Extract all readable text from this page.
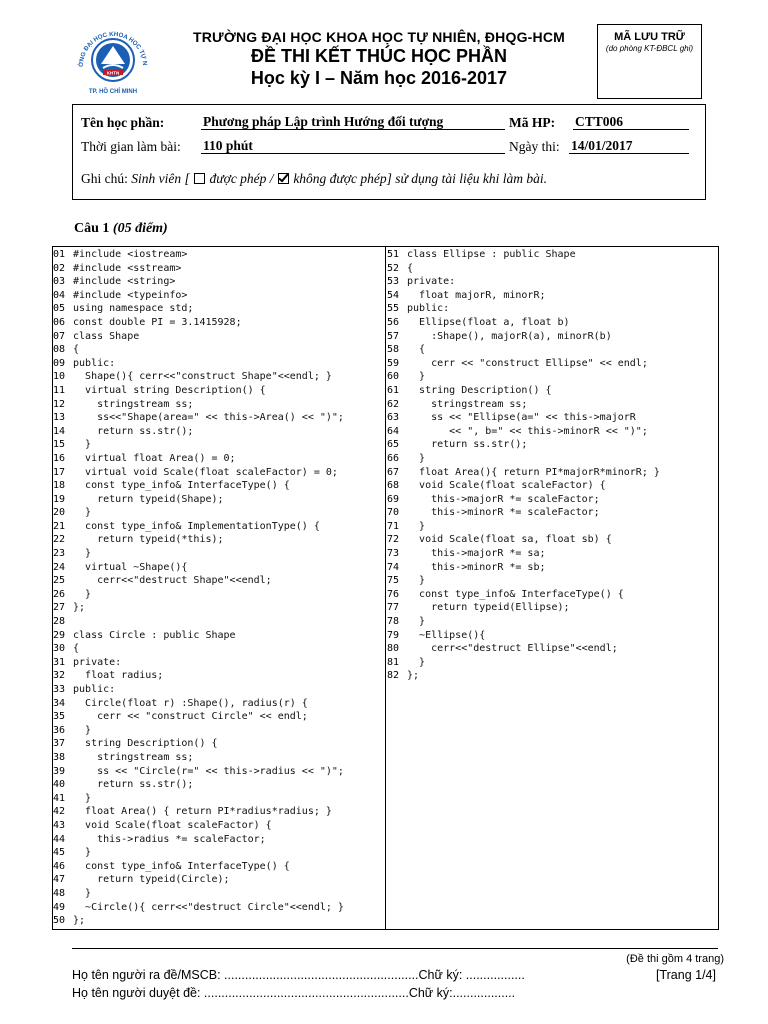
KHTN
ỜNG ĐẠI HỌC KHOA HỌC TỰ N
TP. HỒ CHÍ MINH
TRƯỜNG ĐẠI HỌC KHOA HỌC TỰ NHIÊN, ĐHQG-HCM
ĐỀ THI KẾT THÚC HỌC PHẦN
Học kỳ I – Năm học 2016-2017
MÃ LƯU TRỮ
(do phòng KT-ĐBCL ghi)
Tên học phần:	Phương pháp Lập trình Hướng đối tượng	Mã HP: CTT006
Thời gian làm bài: 110 phút	Ngày thi: 14/01/2017
Ghi chú: Sinh viên [ được phép / không được phép] sử dụng tài liệu khi làm bài.
Câu 1 (05 điểm)
01 #include <iostream>
02 #include <sstream>
03 #include <string>
04 #include <typeinfo>
05 using namespace std;
06 const double PI = 3.1415928;
07 class Shape
08 {
09 public:
10   Shape(){ cerr<<"construct Shape"<<endl; }
11   virtual string Description() {
12     stringstream ss;
13     ss<<"Shape(area=" << this->Area() << ")";
14     return ss.str();
15   }
16   virtual float Area() = 0;
17   virtual void Scale(float scaleFactor) = 0;
18   const type_info& InterfaceType() {
19     return typeid(Shape);
20   }
21   const type_info& ImplementationType() {
22     return typeid(*this);
23   }
24   virtual ~Shape(){
25     cerr<<"destruct Shape"<<endl;
26   }
27 };
28
29 class Circle : public Shape
30 {
31 private:
32   float radius;
33 public:
34   Circle(float r) :Shape(), radius(r) {
35     cerr << "construct Circle" << endl;
36   }
37   string Description() {
38     stringstream ss;
39     ss << "Circle(r=" << this->radius << ")";
40     return ss.str();
41   }
42   float Area() { return PI*radius*radius; }
43   void Scale(float scaleFactor) {
44     this->radius *= scaleFactor;
45   }
46   const type_info& InterfaceType() {
47     return typeid(Circle);
48   }
49   ~Circle(){ cerr<<"destruct Circle"<<endl; }
50 };
51 class Ellipse : public Shape
52 {
53 private:
54   float majorR, minorR;
55 public:
56   Ellipse(float a, float b)
57     :Shape(), majorR(a), minorR(b)
58   {
59     cerr << "construct Ellipse" << endl;
60   }
61   string Description() {
62     stringstream ss;
63     ss << "Ellipse(a=" << this->majorR
64        << ", b=" << this->minorR << ")";
65     return ss.str();
66   }
67   float Area(){ return PI*majorR*minorR; }
68   void Scale(float scaleFactor) {
69     this->majorR *= scaleFactor;
70     this->minorR *= scaleFactor;
71   }
72   void Scale(float sa, float sb) {
73     this->majorR *= sa;
74     this->minorR *= sb;
75   }
76   const type_info& InterfaceType() {
77     return typeid(Ellipse);
78   }
79   ~Ellipse(){
80     cerr<<"destruct Ellipse"<<endl;
81   }
82 };
(Đề thi gồm 4 trang)
Họ tên người ra đề/MSCB: ........................................................Chữ ký: .................	[Trang 1/4]
Họ tên người duyệt đề: ...........................................................Chữ ký:..................
